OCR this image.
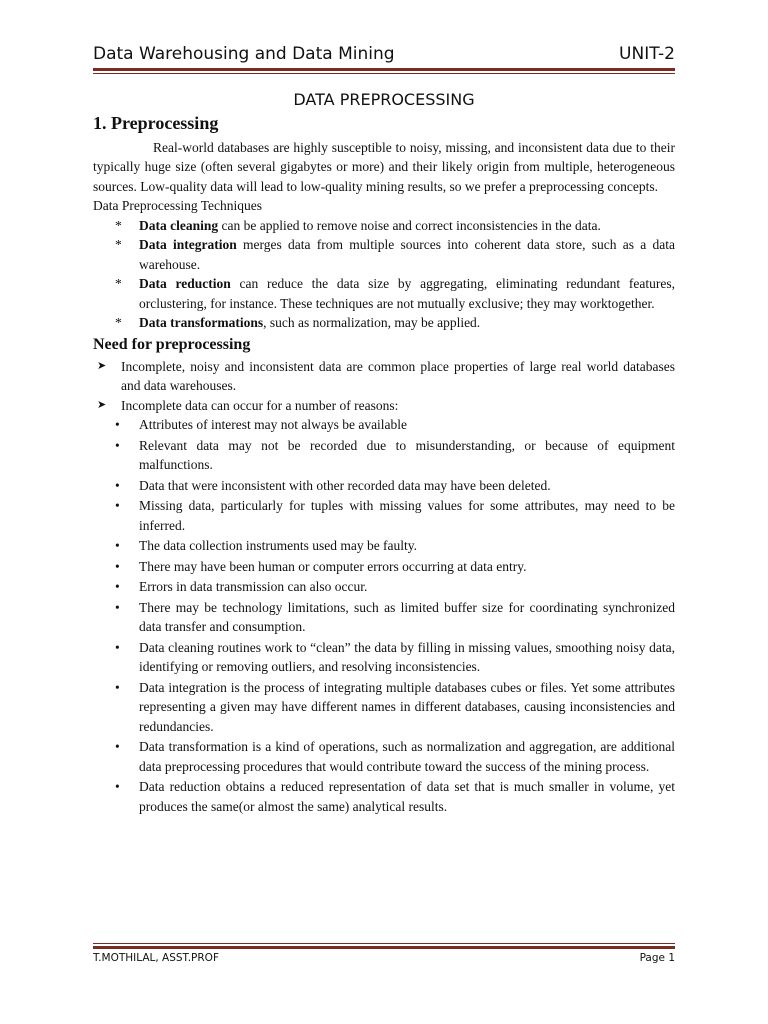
Data Warehousing and Data Mining	UNIT-2
DATA PREPROCESSING
1. Preprocessing

Real-world databases are highly susceptible to noisy, missing, and inconsistent data due to their typically huge size (often several gigabytes or more) and their likely origin from multiple, heterogeneous sources. Low-quality data will lead to low-quality mining results, so we prefer a preprocessing concepts.

Data Preprocessing Techniques

* Data cleaning can be applied to remove noise and correct inconsistencies in the data.
* Data integration merges data from multiple sources into coherent data store, such as a data warehouse.
* Data reduction can reduce the data size by aggregating, eliminating redundant features, orclustering, for instance. These techniques are not mutually exclusive; they may worktogether.
* Data transformations, such as normalization, may be applied.
Need for preprocessing
➤ Incomplete, noisy and inconsistent data are common place properties of large real world databases and data warehouses.
➤ Incomplete data can occur for a number of reasons:
• Attributes of interest may not always be available
• Relevant data may not be recorded due to misunderstanding, or because of equipment malfunctions.
• Data that were inconsistent with other recorded data may have been deleted.
• Missing data, particularly for tuples with missing values for some attributes, may need to be inferred.
• The data collection instruments used may be faulty.
• There may have been human or computer errors occurring at data entry.
• Errors in data transmission can also occur.
• There may be technology limitations, such as limited buffer size for coordinating synchronized data transfer and consumption.
• Data cleaning routines work to “clean” the data by filling in missing values, smoothing noisy data, identifying or removing outliers, and resolving inconsistencies.
• Data integration is the process of integrating multiple databases cubes or files. Yet some attributes representing a given may have different names in different databases, causing inconsistencies and redundancies.
• Data transformation is a kind of operations, such as normalization and aggregation, are additional data preprocessing procedures that would contribute toward the success of the mining process.
• Data reduction obtains a reduced representation of data set that is much smaller in volume, yet produces the same(or almost the same) analytical results.
T.MOTHILAL, ASST.PROF	Page 1
